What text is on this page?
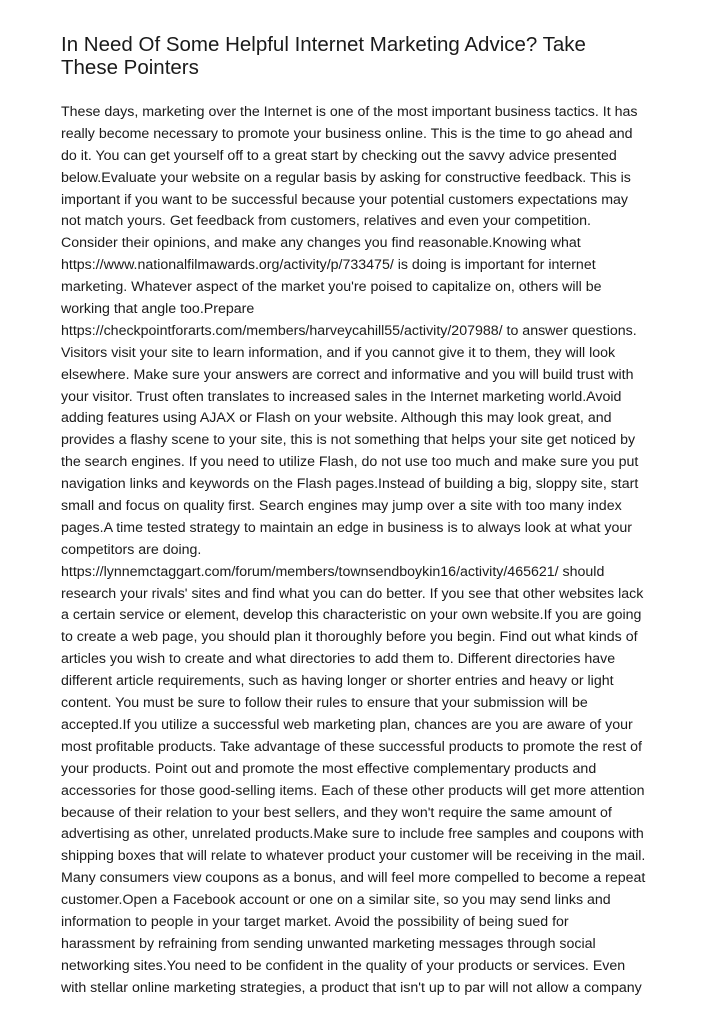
In Need Of Some Helpful Internet Marketing Advice? Take
These Pointers
These days, marketing over the Internet is one of the most important business tactics. It has
really become necessary to promote your business online. This is the time to go ahead and
do it. You can get yourself off to a great start by checking out the savvy advice presented
below.Evaluate your website on a regular basis by asking for constructive feedback. This is
important if you want to be successful because your potential customers expectations may
not match yours. Get feedback from customers, relatives and even your competition.
Consider their opinions, and make any changes you find reasonable.Knowing what
https://www.nationalfilmawards.org/activity/p/733475/ is doing is important for internet
marketing. Whatever aspect of the market you're poised to capitalize on, others will be
working that angle too.Prepare
https://checkpointforarts.com/members/harveycahill55/activity/207988/ to answer questions.
Visitors visit your site to learn information, and if you cannot give it to them, they will look
elsewhere. Make sure your answers are correct and informative and you will build trust with
your visitor. Trust often translates to increased sales in the Internet marketing world.Avoid
adding features using AJAX or Flash on your website. Although this may look great, and
provides a flashy scene to your site, this is not something that helps your site get noticed by
the search engines. If you need to utilize Flash, do not use too much and make sure you put
navigation links and keywords on the Flash pages.Instead of building a big, sloppy site, start
small and focus on quality first. Search engines may jump over a site with too many index
pages.A time tested strategy to maintain an edge in business is to always look at what your
competitors are doing.
https://lynnemctaggart.com/forum/members/townsendboykin16/activity/465621/ should
research your rivals' sites and find what you can do better. If you see that other websites lack
a certain service or element, develop this characteristic on your own website.If you are going
to create a web page, you should plan it thoroughly before you begin. Find out what kinds of
articles you wish to create and what directories to add them to. Different directories have
different article requirements, such as having longer or shorter entries and heavy or light
content. You must be sure to follow their rules to ensure that your submission will be
accepted.If you utilize a successful web marketing plan, chances are you are aware of your
most profitable products. Take advantage of these successful products to promote the rest of
your products. Point out and promote the most effective complementary products and
accessories for those good-selling items. Each of these other products will get more attention
because of their relation to your best sellers, and they won't require the same amount of
advertising as other, unrelated products.Make sure to include free samples and coupons with
shipping boxes that will relate to whatever product your customer will be receiving in the mail.
Many consumers view coupons as a bonus, and will feel more compelled to become a repeat
customer.Open a Facebook account or one on a similar site, so you may send links and
information to people in your target market. Avoid the possibility of being sued for
harassment by refraining from sending unwanted marketing messages through social
networking sites.You need to be confident in the quality of your products or services. Even
with stellar online marketing strategies, a product that isn't up to par will not allow a company
